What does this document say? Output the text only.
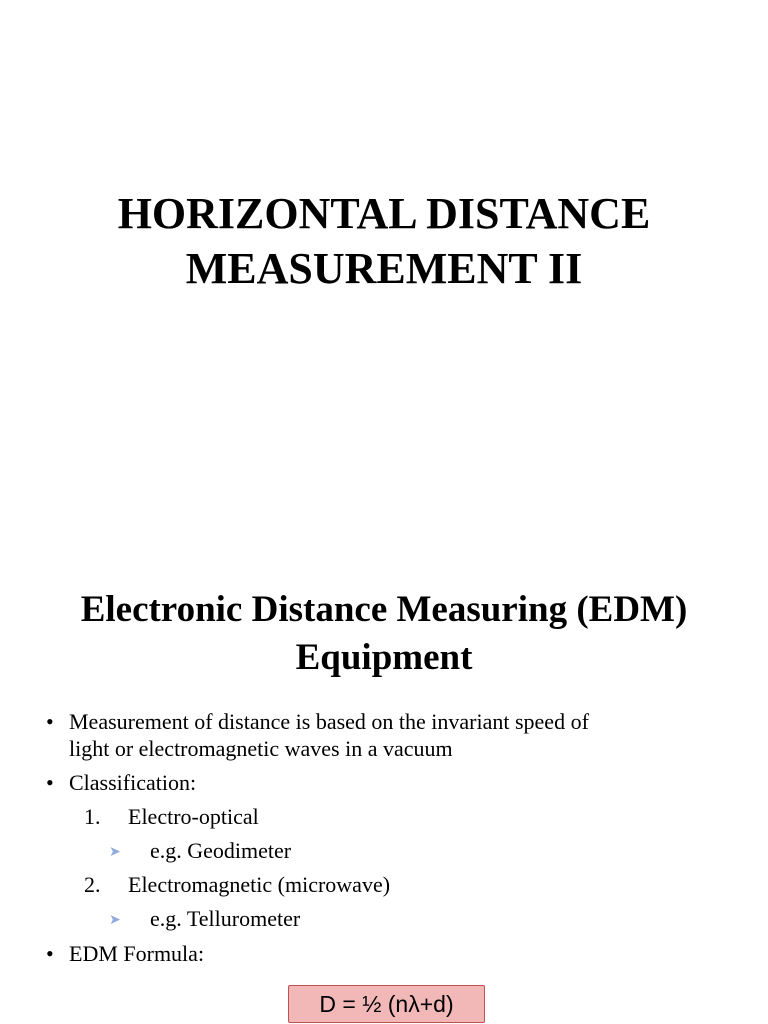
HORIZONTAL DISTANCE
MEASUREMENT II
Electronic Distance Measuring (EDM)
Equipment
• Measurement of distance is based on the invariant speed of
light or electromagnetic waves in a vacuum
• Classification:
1. Electro-optical
➤ e.g. Geodimeter
2. Electromagnetic (microwave)
➤ e.g. Tellurometer
• EDM Formula:
D = ½ (nλ+d)
